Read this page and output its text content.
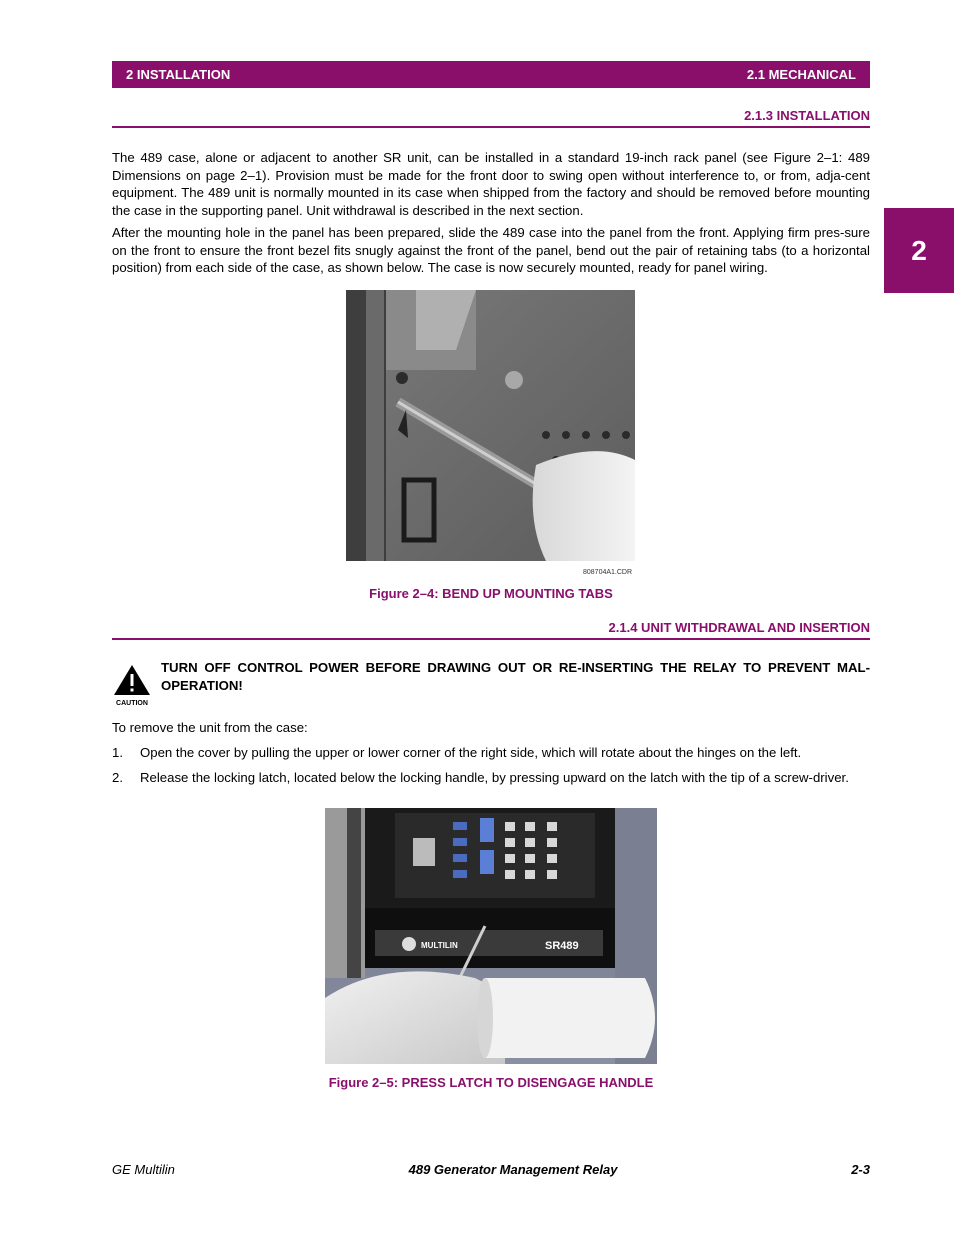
2 INSTALLATION	2.1 MECHANICAL
2
2.1.3 INSTALLATION

The 489 case, alone or adjacent to another SR unit, can be installed in a standard 19-inch rack panel (see Figure 2–1: 489 Dimensions on page 2–1). Provision must be made for the front door to swing open without interference to, or from, adja-cent equipment. The 489 unit is normally mounted in its case when shipped from the factory and should be removed before mounting the case in the supporting panel. Unit withdrawal is described in the next section.

After the mounting hole in the panel has been prepared, slide the 489 case into the panel from the front. Applying firm pres-sure on the front to ensure the front bezel fits snugly against the front of the panel, bend out the pair of retaining tabs (to a horizontal position) from each side of the case, as shown below. The case is now securely mounted, ready for panel wiring.

808704A1.CDR
Figure 2–4: BEND UP MOUNTING TABS
2.1.4 UNIT WITHDRAWAL AND INSERTION
CAUTION
TURN OFF CONTROL POWER BEFORE DRAWING OUT OR RE-INSERTING THE RELAY TO PREVENT MAL-OPERATION!
To remove the unit from the case:
1. Open the cover by pulling the upper or lower corner of the right side, which will rotate about the hinges on the left.
2. Release the locking latch, located below the locking handle, by pressing upward on the latch with the tip of a screw-driver.
MULTILIN	SR489
Figure 2–5: PRESS LATCH TO DISENGAGE HANDLE
GE Multilin	489 Generator Management Relay	2-3
